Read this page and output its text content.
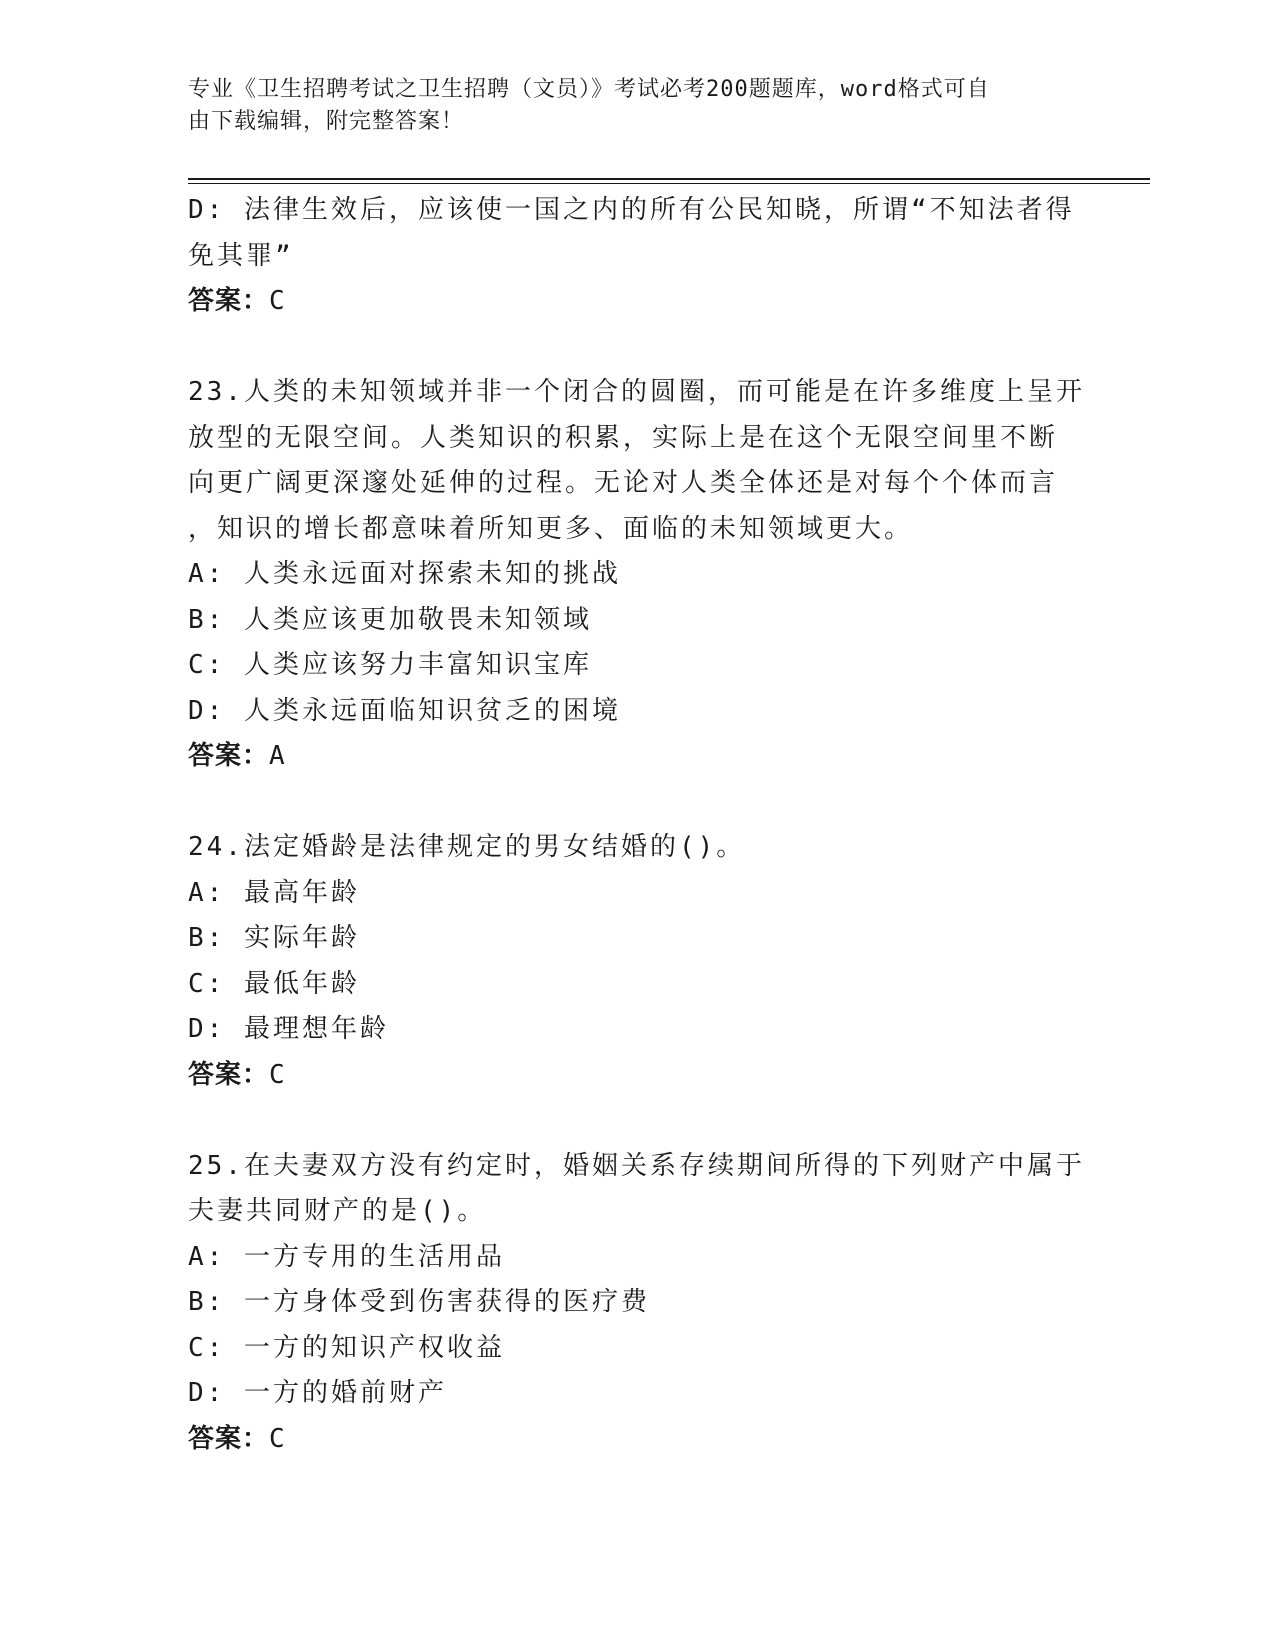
专业《卫生招聘考试之卫生招聘（文员）》考试必考200题题库，word格式可自
由下载编辑，附完整答案！
D: 法律生效后，应该使一国之内的所有公民知晓，所谓“不知法者得
免其罪”
答案：C
23.人类的未知领域并非一个闭合的圆圈，而可能是在许多维度上呈开
放型的无限空间。人类知识的积累，实际上是在这个无限空间里不断
向更广阔更深邃处延伸的过程。无论对人类全体还是对每个个体而言
，知识的增长都意味着所知更多、面临的未知领域更大。
A: 人类永远面对探索未知的挑战
B: 人类应该更加敬畏未知领域
C: 人类应该努力丰富知识宝库
D: 人类永远面临知识贫乏的困境
答案：A
24.法定婚龄是法律规定的男女结婚的()。
A: 最高年龄
B: 实际年龄
C: 最低年龄
D: 最理想年龄
答案：C
25.在夫妻双方没有约定时，婚姻关系存续期间所得的下列财产中属于
夫妻共同财产的是()。
A: 一方专用的生活用品
B: 一方身体受到伤害获得的医疗费
C: 一方的知识产权收益
D: 一方的婚前财产
答案：C
